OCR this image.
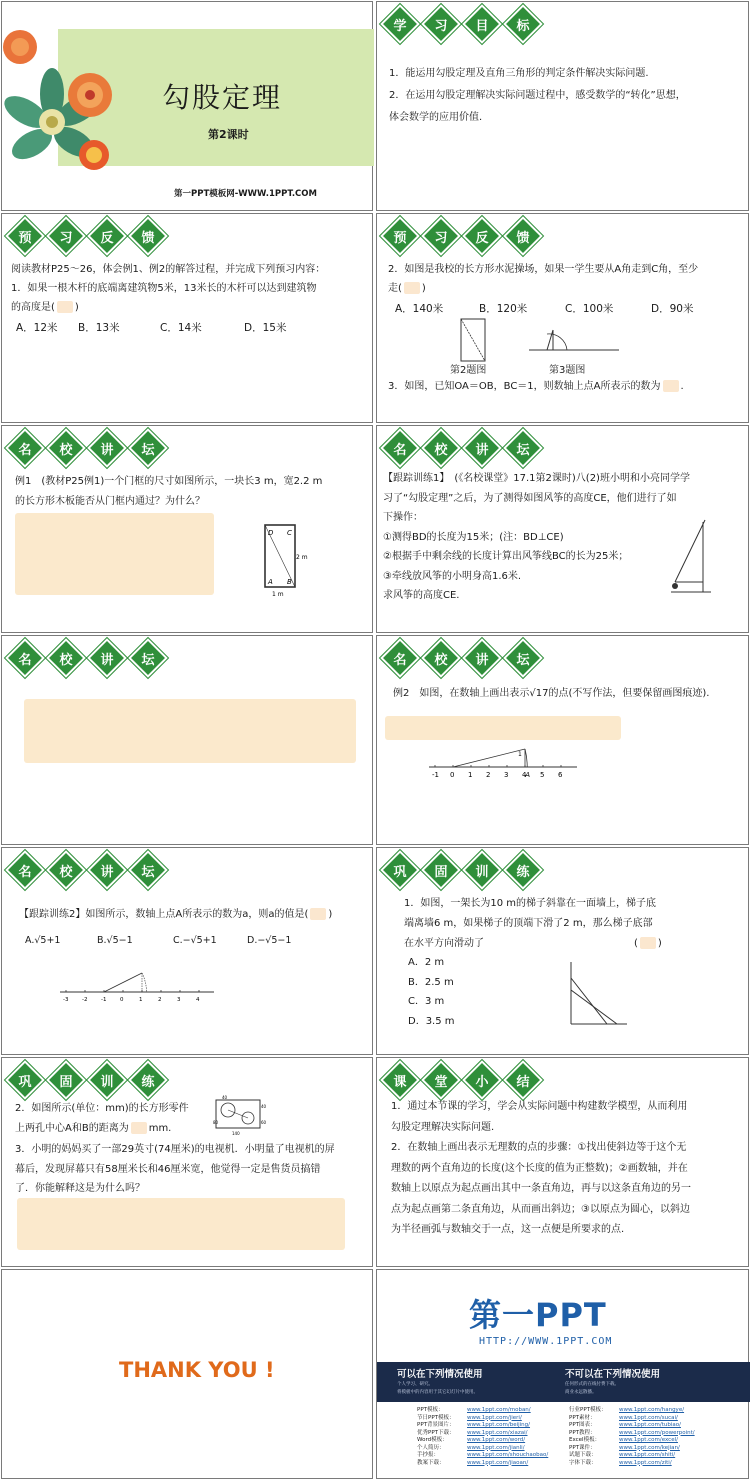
勾股定理
第2课时
第一PPT模板网-WWW.1PPT.COM
学	习	目	标
1．能运用勾股定理及直角三角形的判定条件解决实际问题.
2．在运用勾股定理解决实际问题过程中，感受数学的“转化”思想，
体会数学的应用价值.
预	习	反	馈
阅读教材P25～26，体会例1、例2的解答过程，并完成下列预习内容：
1．如果一根木杆的底端离建筑物5米，13米长的木杆可以达到建筑物
的高度是( )
A．12米	B．13米	C．14米	D．15米
预	习	反	馈
2．如图是我校的长方形水泥操场，如果一学生要从A角走到C角，至少
走( )
A．140米	B．120米	C．100米	D．90米
第2题图	第3题图
3．如图，已知OA＝OB，BC＝1，则数轴上点A所表示的数为 .
名	校	讲	坛
例1　(教材P25例1)一个门框的尺寸如图所示，一块长3 m，宽2.2 m
的长方形木板能否从门框内通过？为什么？
D C
A B
2 m
1 m
名	校	讲	坛
【跟踪训练1】　(《名校课堂》17.1第2课时)八(2)班小明和小亮同学学
习了“勾股定理”之后，为了测得如图风筝的高度CE，他们进行了如
下操作：
①测得BD的长度为15米；(注：BD⊥CE)
②根据手中剩余线的长度计算出风筝线BC的长为25米；
③牵线放风筝的小明身高1.6米.
求风筝的高度CE.
名	校	讲	坛	名	校	讲	坛
例2　如图，在数轴上画出表示√17的点(不写作法，但要保留画图痕迹).
-1 0 1 2 3 4 5 6
1
A
名	校	讲	坛
【跟踪训练2】如图所示，数轴上点A所表示的数为a，则a的值是( )
A.√5+1	B.√5−1	C.−√5+1	D.−√5−1
-3 -2 -1 0	1	2	3	4
巩	固	训	练
1．如图，一架长为10 m的梯子斜靠在一面墙上，梯子底
端离墙6 m，如果梯子的顶端下滑了2 m，那么梯子底部
在水平方向滑动了	( )
A．2 m
B．2.5 m
C．3 m
D．3.5 m
巩	固	训	练
2．如图所示(单位：mm)的长方形零件
上两孔中心A和B的距离为 mm.
40
40
60
140
80
3．小明的妈妈买了一部29英寸(74厘米)的电视机．小明量了电视机的屏
幕后，发现屏幕只有58厘米长和46厘米宽，他觉得一定是售货员搞错
了．你能解释这是为什么吗？
课	堂	小	结
1．通过本节课的学习，学会从实际问题中构建数学模型，从而利用
勾股定理解决实际问题.
2．在数轴上画出表示无理数的点的步骤：①找出使斜边等于这个无
理数的两个直角边的长度(这个长度的值为正整数)；②画数轴，并在
数轴上以原点为起点画出其中一条直角边，再与以这条直角边的另一
点为起点画第二条直角边，从而画出斜边；③以原点为圆心，以斜边
为半径画弧与数轴交于一点，这一点便是所要求的点.
THANK YOU !
第一PPT
HTTP://WWW.1PPT.COM
可以在下列情况使用
个人学习、研究。
将模板中的内容用于其它幻灯片中使用。
不可以在下列情况使用
任何形式的在线付费下载。
商业永远散播。
PPT模板：	www.1ppt.com/moban/
节日PPT模板： www.1ppt.com/jieri/
PPT背景图片： www.1ppt.com/beijing/
优秀PPT下载： www.1ppt.com/xiazai/
Word模板：	www.1ppt.com/word/
个人简历：	www.1ppt.com/jianli/
手抄报：	www.1ppt.com/shouchaobao/
教案下载：	www.1ppt.com/jiaoan/
行业PPT模板： www.1ppt.com/hangye/
PPT素材：	www.1ppt.com/sucai/
PPT图表：	www.1ppt.com/tubiao/
PPT教程：	www.1ppt.com/powerpoint/
Excel模板：	www.1ppt.com/excel/
PPT课件：	www.1ppt.com/kejian/
试题下载：	www.1ppt.com/shiti/
字体下载：	www.1ppt.com/ziti/
